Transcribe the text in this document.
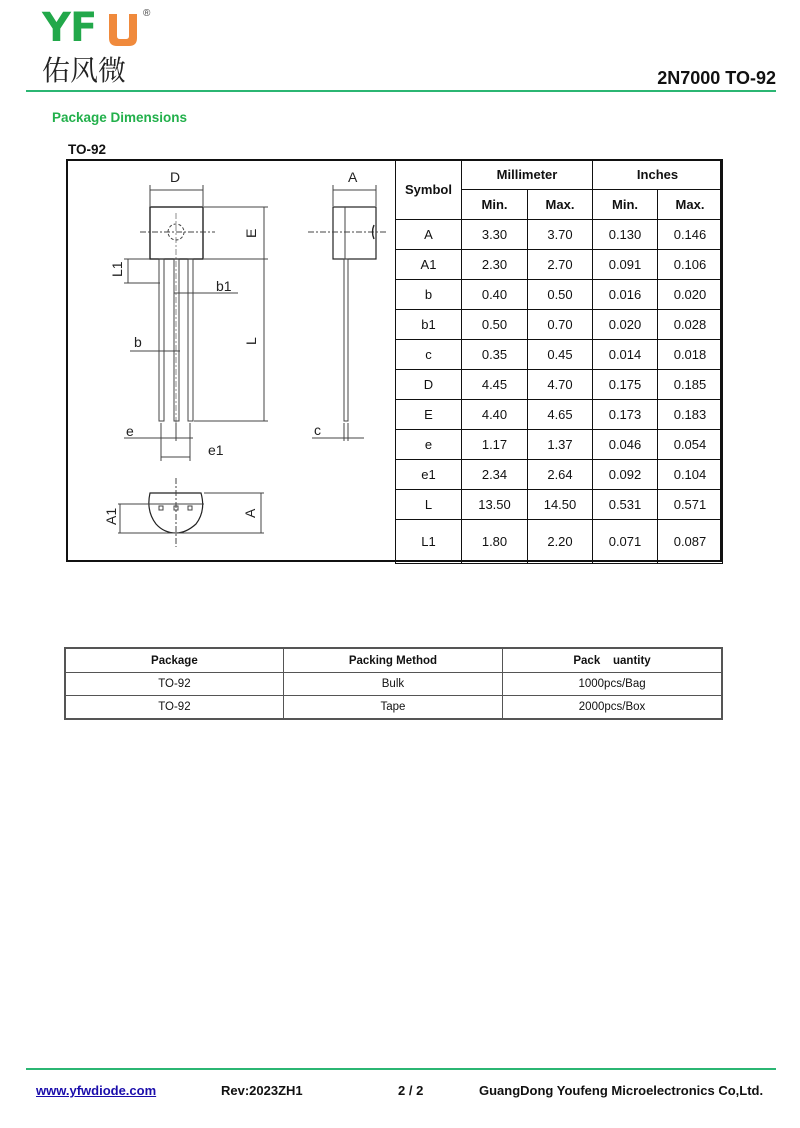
YF	®
佑风微	2N7000 TO-92
Package Dimensions
TO-92
D
E
L1
b1
b	L
e
e1
A
c
A1	A
Symbol	Millimeter		Inches	
	Min.	Max.	Min.	Max.
A	3.30	3.70	0.130	0.146
A1	2.30	2.70	0.091	0.106
b	0.40	0.50	0.016	0.020
b1	0.50	0.70	0.020	0.028
c	0.35	0.45	0.014	0.018
D	4.45	4.70	0.175	0.185
E	4.40	4.65	0.173	0.183
e	1.17	1.37	0.046	0.054
e1	2.34	2.64	0.092	0.104
L	13.50	14.50	0.531	0.571
L1	1.80	2.20	0.071	0.087
Package	Packing Method	Pack    uantity
TO-92	Bulk	1000pcs/Bag
TO-92	Tape	2000pcs/Box
www.yfwdiode.com	Rev:2023ZH1	2 / 2	GuangDong Youfeng Microelectronics Co,Ltd.
